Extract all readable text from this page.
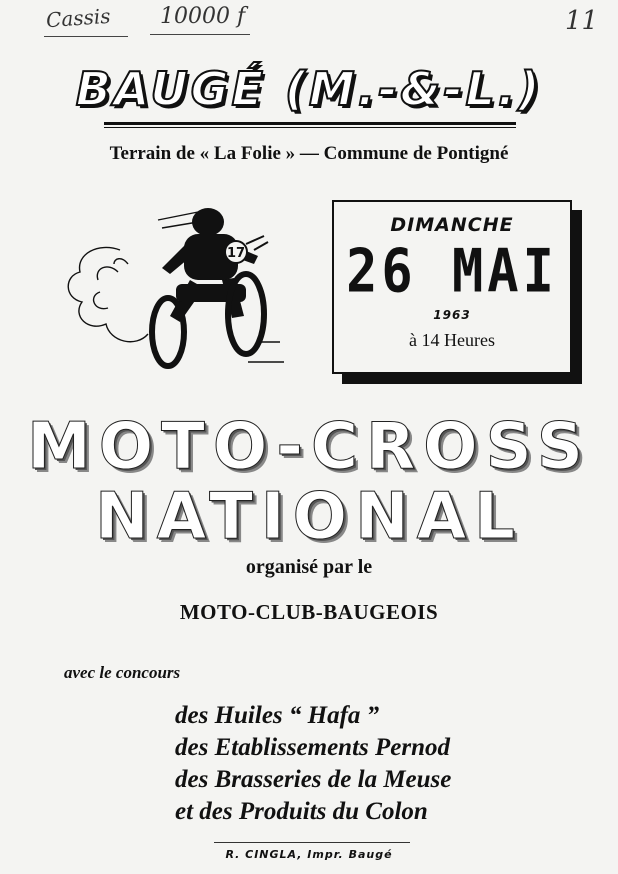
Cassis 10000 f	11
BAUGÉ (M.-&-L.)
Terrain de « La Folie » — Commune de Pontigné
17
DIMANCHE
26 MAI
1963
à 14 Heures
MOTO-CROSS
NATIONAL
organisé par le
MOTO-CLUB-BAUGEOIS
avec le concours
des Huiles “ Hafa ”
des Etablissements Pernod
des Brasseries de la Meuse
et des Produits du Colon
R. CINGLA, Impr. Baugé
